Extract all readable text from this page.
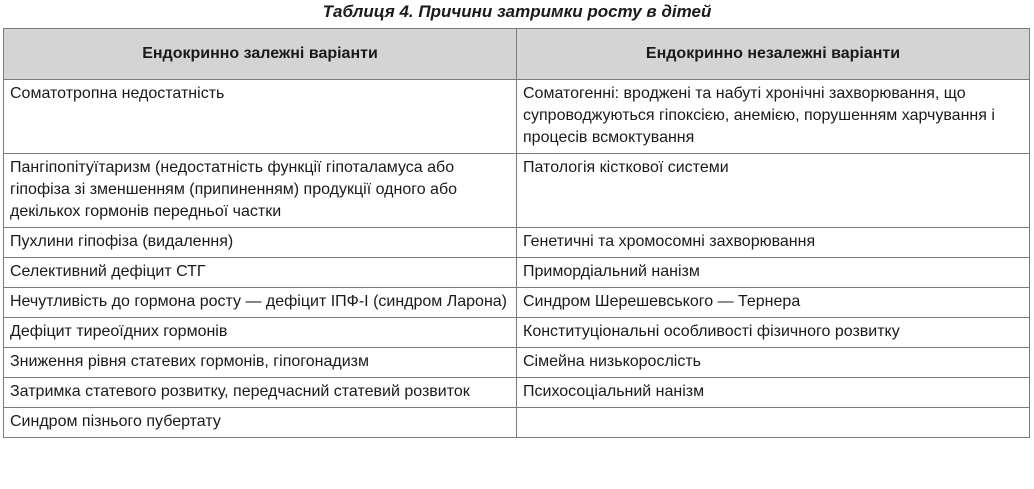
Таблиця 4. Причини затримки росту в дітей
Ендокринно залежні варіанти	Ендокринно незалежні варіанти
Соматотропна недостатність	Соматогенні: вроджені та набуті хронічні захворювання, що супроводжуються гіпоксією, анемією, порушенням харчування і процесів всмоктування
Пангіпопітуїтаризм (недостатність функції гіпоталамуса або гіпофіза зі зменшенням (припиненням) продукції одного або декількох гормонів передньої частки	Патологія кісткової системи
Пухлини гіпофіза (видалення)	Генетичні та хромосомні захворювання
Селективний дефіцит СТГ	Примордіальний нанізм
Нечутливість до гормона росту — дефіцит ІПФ-І (синдром Ларона)	Синдром Шерешевського — Тернера
Дефіцит тиреоїдних гормонів	Конституціональні особливості фізичного розвитку
Зниження рівня статевих гормонів, гіпогонадизм	Сімейна низькорослість
Затримка статевого розвитку, передчасний статевий розвиток	Психосоціальний нанізм
Синдром пізнього пубертату	
